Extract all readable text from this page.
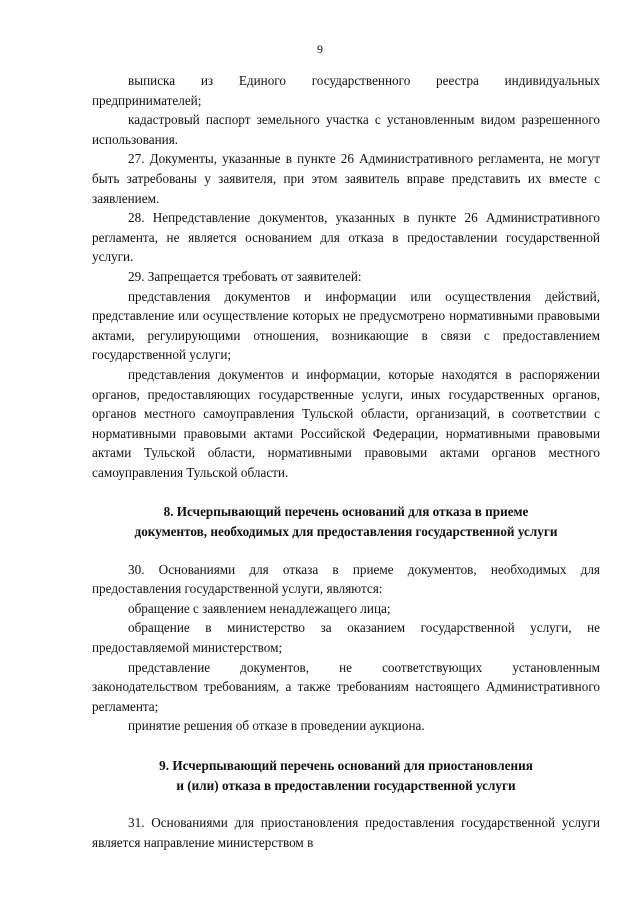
9

выписка из Единого государственного реестра индивидуальных предпринимателей;

кадастровый паспорт земельного участка с установленным видом разрешенного использования.

27. Документы, указанные в пункте 26 Административного регламента, не могут быть затребованы у заявителя, при этом заявитель вправе представить их вместе с заявлением.

28. Непредставление документов, указанных в пункте 26 Административного регламента, не является основанием для отказа в предоставлении государственной услуги.

29. Запрещается требовать от заявителей:

представления документов и информации или осуществления действий, представление или осуществление которых не предусмотрено нормативными правовыми актами, регулирующими отношения, возникающие в связи с предоставлением государственной услуги;

представления документов и информации, которые находятся в распоряжении органов, предоставляющих государственные услуги, иных государственных органов, органов местного самоуправления Тульской области, организаций, в соответствии с нормативными правовыми актами Российской Федерации, нормативными правовыми актами Тульской области, нормативными правовыми актами органов местного самоуправления Тульской области.

8. Исчерпывающий перечень оснований для отказа в приеме

документов, необходимых для предоставления государственной услуги

30. Основаниями для отказа в приеме документов, необходимых для предоставления государственной услуги, являются:

обращение с заявлением ненадлежащего лица;

обращение в министерство за оказанием государственной услуги, не предоставляемой министерством;

представление документов, не соответствующих установленным законодательством требованиям, а также требованиям настоящего Административного регламента;

принятие решения об отказе в проведении аукциона.

9. Исчерпывающий перечень оснований для приостановления

и (или) отказа в предоставлении государственной услуги

31. Основаниями для приостановления предоставления государственной услуги является направление министерством в
